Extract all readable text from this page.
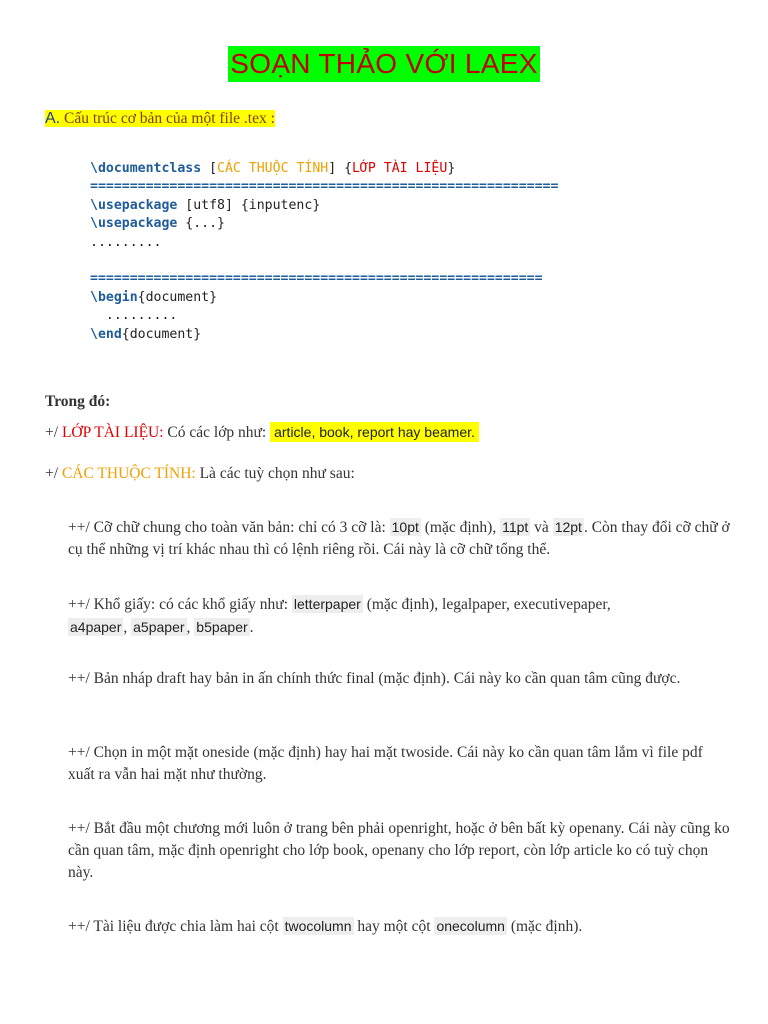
SOẠN THẢO VỚI LAEX
A. Cấu trúc cơ bản của một file .tex :
\documentclass [CÁC THUỘC TÍNH] {LỚP TÀI LIỆU}
===========================================================
\usepackage [utf8] {inputenc}
\usepackage {...}
.........

=========================================================
\begin{document}
.........
\end{document}
Trong đó:
+/ LỚP TÀI LIỆU: Có các lớp như: article, book, report hay beamer.
+/ CÁC THUỘC TÍNH: Là các tuỳ chọn như sau:
++/ Cỡ chữ chung cho toàn văn bản: chỉ có 3 cỡ là: 10pt (mặc định), 11pt và 12pt . Còn thay đổi cỡ chữ ở cụ thể những vị trí khác nhau thì có lệnh riêng rồi. Cái này là cỡ chữ tổng thể.
++/ Khổ giấy: có các khổ giấy như: letterpaper (mặc định), legalpaper, executivepaper, a4paper , a5paper , b5paper .
++/ Bản nháp draft hay bản in ấn chính thức final (mặc định). Cái này ko cần quan tâm cũng được.
++/ Chọn in một mặt oneside (mặc định) hay hai mặt twoside. Cái này ko cần quan tâm lắm vì file pdf xuất ra vẫn hai mặt như thường.
++/ Bắt đầu một chương mới luôn ở trang bên phải openright, hoặc ở bên bất kỳ openany. Cái này cũng ko cần quan tâm, mặc định openright cho lớp book, openany cho lớp report, còn lớp article ko có tuỳ chọn này.
++/ Tài liệu được chia làm hai cột twocolumn hay một cột onecolumn (mặc định).
